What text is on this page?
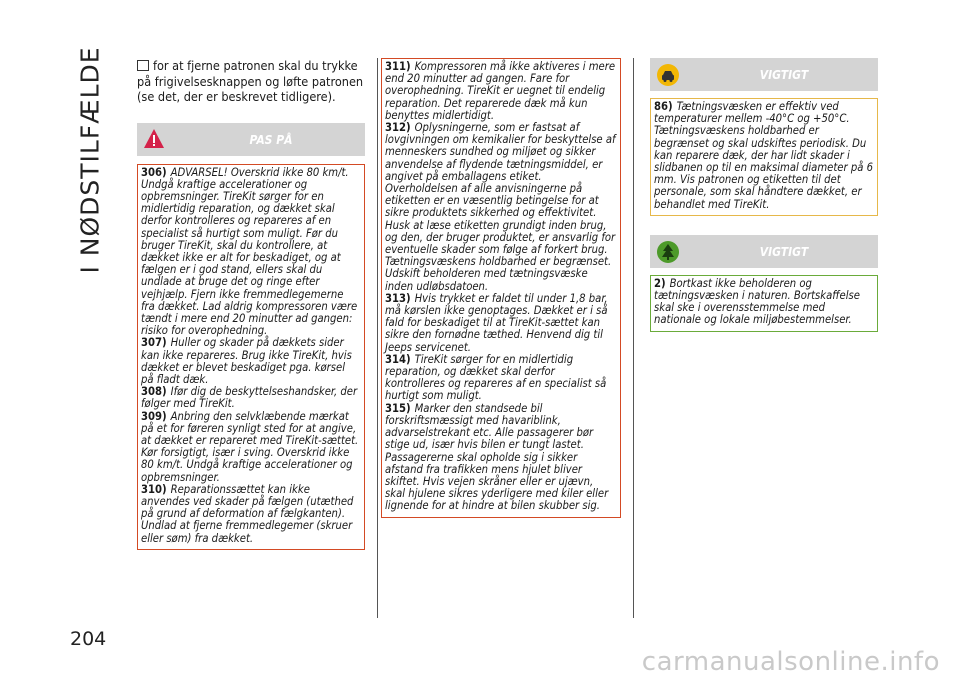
I NØDSTILFÆLDE
204

for at fjerne patronen skal du trykke på frigivelsesknappen og løfte patronen (se det, der er beskrevet tidligere).

PAS PÅ

306) ADVARSEL! Overskrid ikke 80 km/t. Undgå kraftige accelerationer og opbremsninger. TireKit sørger for en midlertidig reparation, og dækket skal derfor kontrolleres og repareres af en specialist så hurtigt som muligt. Før du bruger TireKit, skal du kontrollere, at dækket ikke er alt for beskadiget, og at fælgen er i god stand, ellers skal du undlade at bruge det og ringe efter vejhjælp. Fjern ikke fremmedlegemerne fra dækket. Lad aldrig kompressoren være tændt i mere end 20 minutter ad gangen: risiko for overophedning.

307) Huller og skader på dækkets sider kan ikke repareres. Brug ikke TireKit, hvis dækket er blevet beskadiget pga. kørsel på fladt dæk.

308) Ifør dig de beskyttelseshandsker, der følger med TireKit.

309) Anbring den selvklæbende mærkat på et for føreren synligt sted for at angive, at dækket er repareret med TireKit-sættet. Kør forsigtigt, især i sving. Overskrid ikke 80 km/t. Undgå kraftige accelerationer og opbremsninger.

310) Reparationssættet kan ikke anvendes ved skader på fælgen (utæthed på grund af deformation af fælgkanten). Undlad at fjerne fremmedlegemer (skruer eller søm) fra dækket.

311) Kompressoren må ikke aktiveres i mere end 20 minutter ad gangen. Fare for overophedning. TireKit er uegnet til endelig reparation. Det reparerede dæk må kun benyttes midlertidigt.

312) Oplysningerne, som er fastsat af lovgivningen om kemikalier for beskyttelse af menneskers sundhed og miljøet og sikker anvendelse af flydende tætningsmiddel, er angivet på emballagens etiket. Overholdelsen af alle anvisningerne på etiketten er en væsentlig betingelse for at sikre produktets sikkerhed og effektivitet. Husk at læse etiketten grundigt inden brug, og den, der bruger produktet, er ansvarlig for eventuelle skader som følge af forkert brug. Tætningsvæskens holdbarhed er begrænset. Udskift beholderen med tætningsvæske inden udløbsdatoen.

313) Hvis trykket er faldet til under 1,8 bar, må kørslen ikke genoptages. Dækket er i så fald for beskadiget til at TireKit-sættet kan sikre den fornødne tæthed. Henvend dig til Jeeps servicenet.

314) TireKit sørger for en midlertidig reparation, og dækket skal derfor kontrolleres og repareres af en specialist så hurtigt som muligt.

315) Marker den standsede bil forskriftsmæssigt med havariblink, advarselstrekant etc. Alle passagerer bør stige ud, især hvis bilen er tungt lastet. Passagererne skal opholde sig i sikker afstand fra trafikken mens hjulet bliver skiftet. Hvis vejen skråner eller er ujævn, skal hjulene sikres yderligere med kiler eller lignende for at hindre at bilen skubber sig.

VIGTIGT

86) Tætningsvæsken er effektiv ved temperaturer mellem -40°C og +50°C. Tætningsvæskens holdbarhed er begrænset og skal udskiftes periodisk. Du kan reparere dæk, der har lidt skader i slidbanen op til en maksimal diameter på 6 mm. Vis patronen og etiketten til det personale, som skal håndtere dækket, er behandlet med TireKit.

VIGTIGT

2) Bortkast ikke beholderen og tætningsvæsken i naturen. Bortskaffelse skal ske i overensstemmelse med nationale og lokale miljøbestemmelser.

carmanualsonline.info
